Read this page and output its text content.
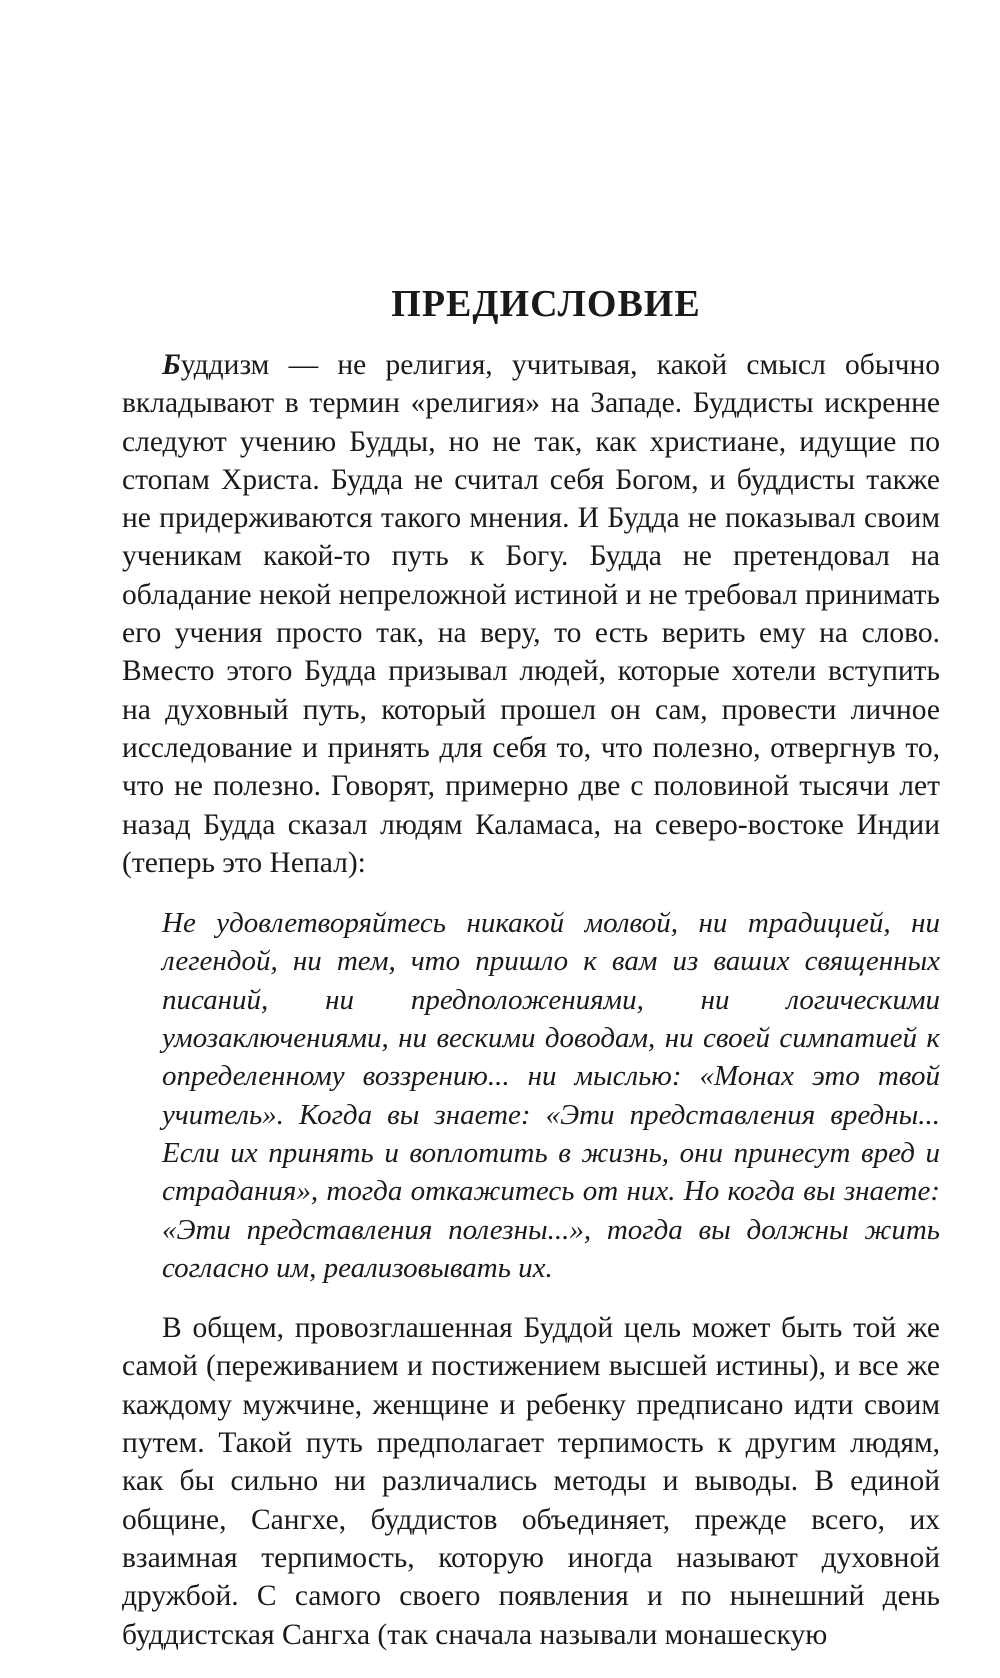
ПРЕДИСЛОВИЕ

Буддизм — не религия, учитывая, какой смысл обычно вкладывают в термин «религия» на Западе. Буддисты искренне следуют учению Будды, но не так, как христиане, идущие по стопам Христа. Будда не считал себя Богом, и буддисты также не придерживаются такого мнения. И Будда не показывал своим ученикам какой-то путь к Богу. Будда не претендовал на обладание некой непреложной истиной и не требовал принимать его учения просто так, на веру, то есть верить ему на слово. Вместо этого Будда призывал людей, которые хотели вступить на духовный путь, который прошел он сам, провести личное исследование и принять для себя то, что полезно, отвергнув то, что не полезно. Говорят, примерно две с половиной тысячи лет назад Будда сказал людям Каламаса, на северо-востоке Индии (теперь это Непал):

Не удовлетворяйтесь никакой молвой, ни традицией, ни легендой, ни тем, что пришло к вам из ваших священных писаний, ни предположениями, ни логическими умозаключениями, ни вескими доводам, ни своей симпатией к определенному воззрению... ни мыслью: «Монах это твой учитель». Когда вы знаете: «Эти представления вредны... Если их принять и воплотить в жизнь, они принесут вред и страдания», тогда откажитесь от них. Но когда вы знаете: «Эти представления полезны...», тогда вы должны жить согласно им, реализовывать их.

В общем, провозглашенная Буддой цель может быть той же самой (переживанием и постижением высшей истины), и все же каждому мужчине, женщине и ребенку предписано идти своим путем. Такой путь предполагает терпимость к другим людям, как бы сильно ни различались методы и выводы. В единой общине, Сангхе, буддистов объединяет, прежде всего, их взаимная терпимость, которую иногда называют духовной дружбой. С самого своего появления и по нынешний день буддистская Сангха (так сначала называли монашескую
